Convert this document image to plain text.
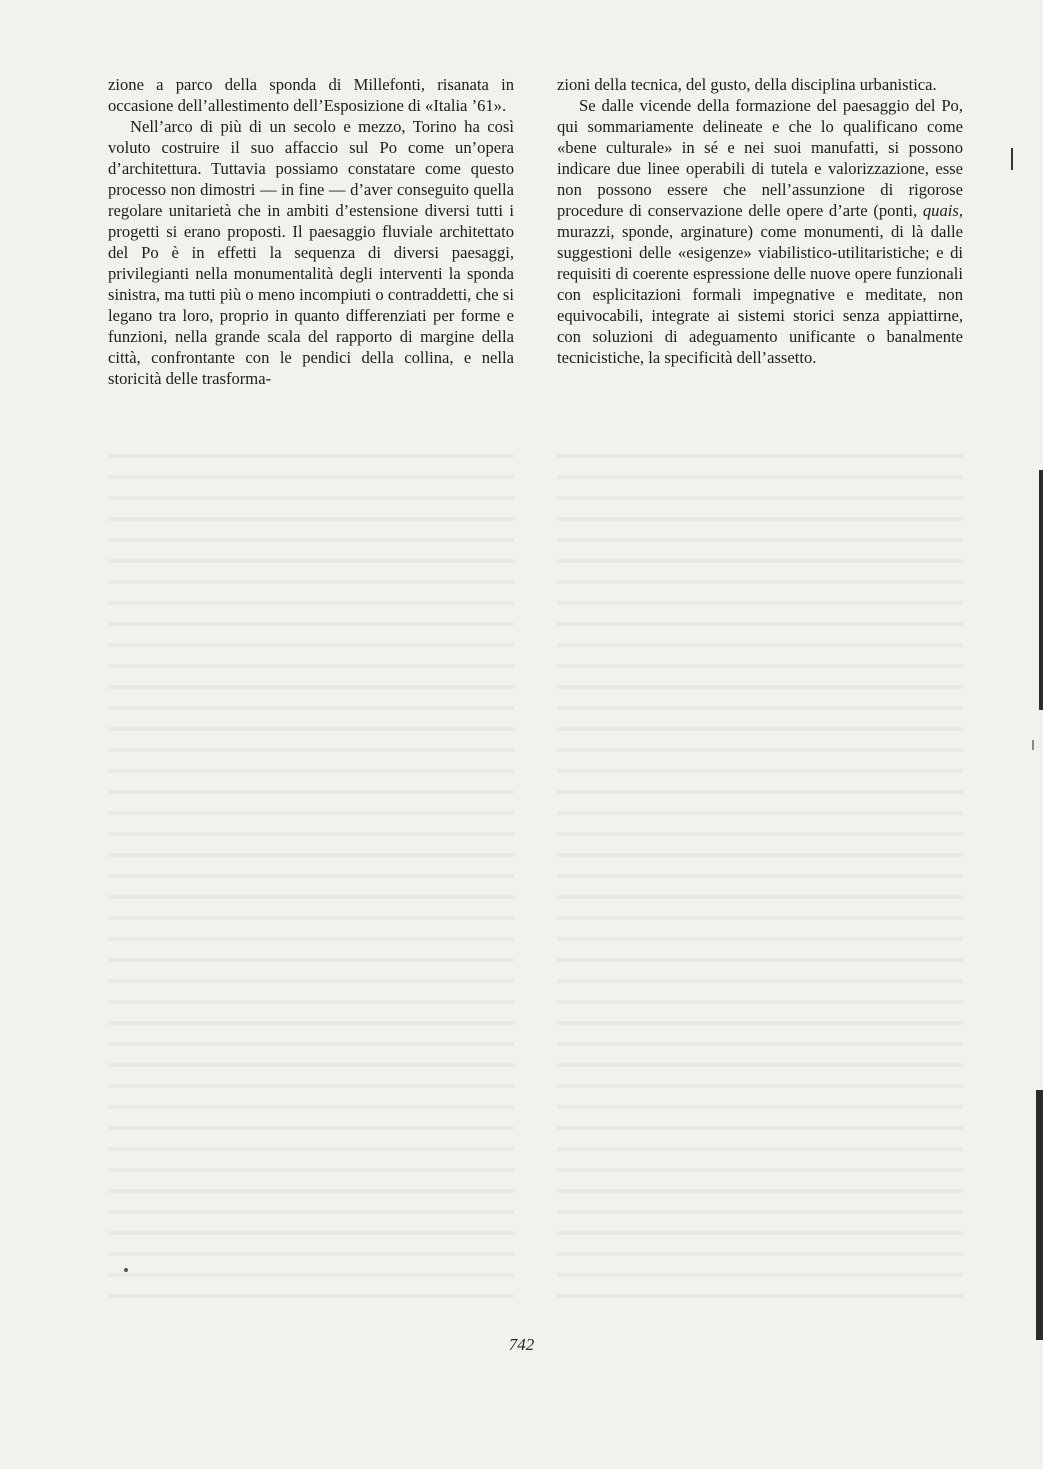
zione a parco della sponda di Millefonti, risanata in occasione dell’allestimento dell’Esposizione di «Italia ’61».

Nell’arco di più di un secolo e mezzo, Torino ha così voluto costruire il suo affaccio sul Po come un’opera d’architettura. Tuttavia possiamo constatare come questo processo non dimostri — in fine — d’aver conseguito quella regolare unitarietà che in ambiti d’estensione diversi tutti i progetti si erano proposti. Il paesaggio fluviale architettato del Po è in effetti la sequenza di diversi paesaggi, privilegianti nella monumentalità degli interventi la sponda sinistra, ma tutti più o meno incompiuti o contraddetti, che si legano tra loro, proprio in quanto differenziati per forme e funzioni, nella grande scala del rapporto di margine della città, confrontante con le pendici della collina, e nella storicità delle trasforma-

zioni della tecnica, del gusto, della disciplina urbanistica.

Se dalle vicende della formazione del paesaggio del Po, qui sommariamente delineate e che lo qualificano come «bene culturale» in sé e nei suoi manufatti, si possono indicare due linee operabili di tutela e valorizzazione, esse non possono essere che nell’assunzione di rigorose procedure di conservazione delle opere d’arte (ponti, quais, murazzi, sponde, arginature) come monumenti, di là dalle suggestioni delle «esigenze» viabilistico-utilitaristiche; e di requisiti di coerente espressione delle nuove opere funzionali con esplicitazioni formali impegnative e meditate, non equivocabili, integrate ai sistemi storici senza appiattirne, con soluzioni di adeguamento unificante o banalmente tecnicistiche, la specificità dell’assetto.

742
